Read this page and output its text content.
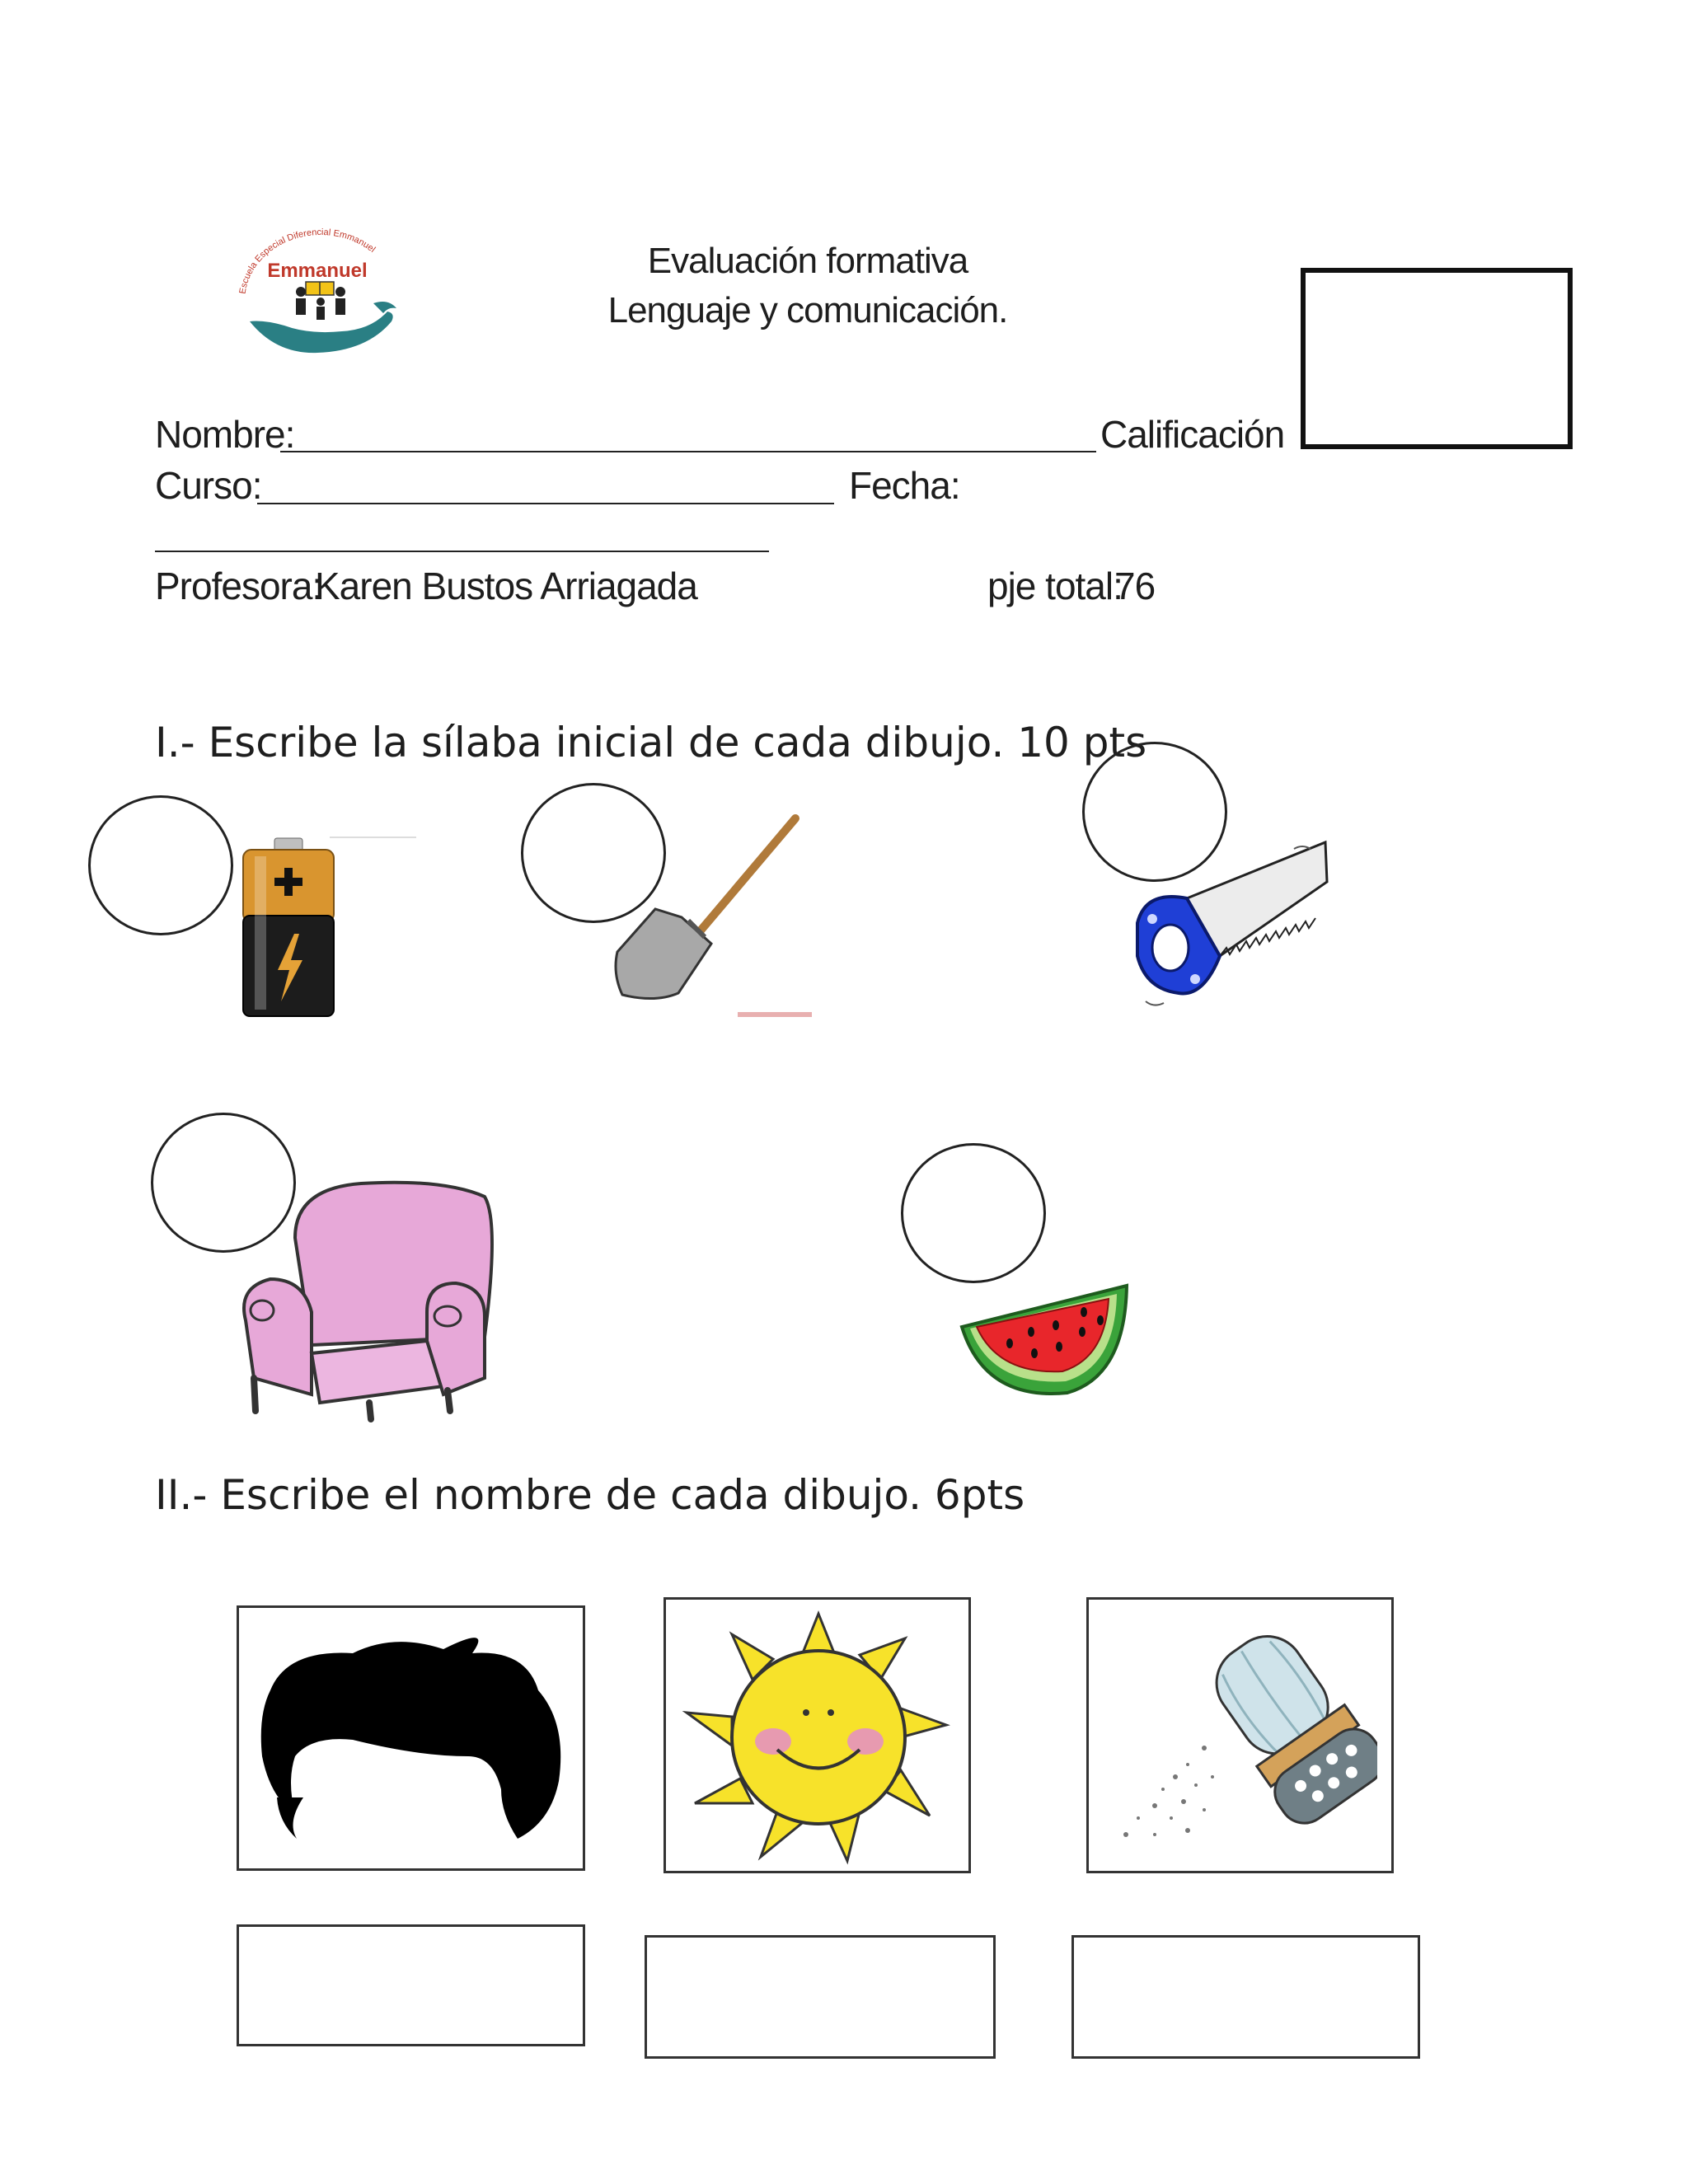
Escuela Especial Diferencial Emmanuel
Emmanuel	Evaluación formativa
Lenguaje y comunicación.
Nombre:	Calificación
Curso:	Fecha:
Profesora:
Karen Bustos Arriagada	pje total:
76
I.- Escribe la sílaba inicial de cada dibujo. 10 pts
II.- Escribe el nombre de cada dibujo. 6pts
